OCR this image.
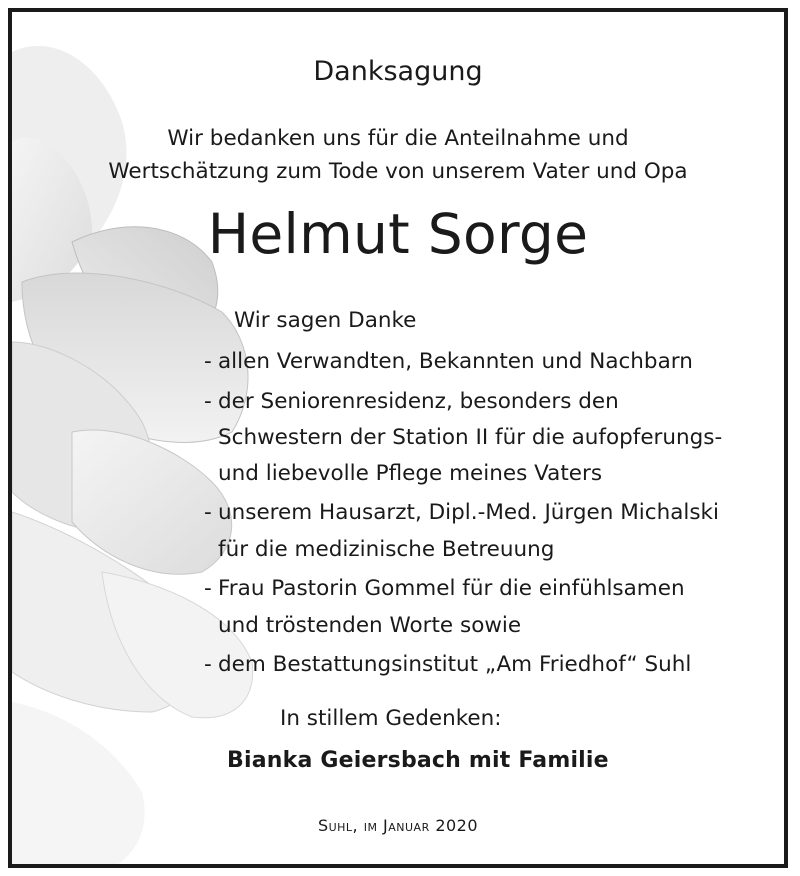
Danksagung
Wir bedanken uns für die Anteilnahme und
Wertschätzung zum Tode von unserem Vater und Opa
Helmut Sorge
Wir sagen Danke
- allen Verwandten, Bekannten und Nachbarn
- der Seniorenresidenz, besonders den
Schwestern der Station II für die aufopferungs-
und liebevolle Pflege meines Vaters
- unserem Hausarzt, Dipl.-Med. Jürgen Michalski
für die medizinische Betreuung
- Frau Pastorin Gommel für die einfühlsamen
und tröstenden Worte sowie
- dem Bestattungsinstitut „Am Friedhof“ Suhl
In stillem Gedenken:
Bianka Geiersbach mit Familie
Suhl, im Januar 2020
